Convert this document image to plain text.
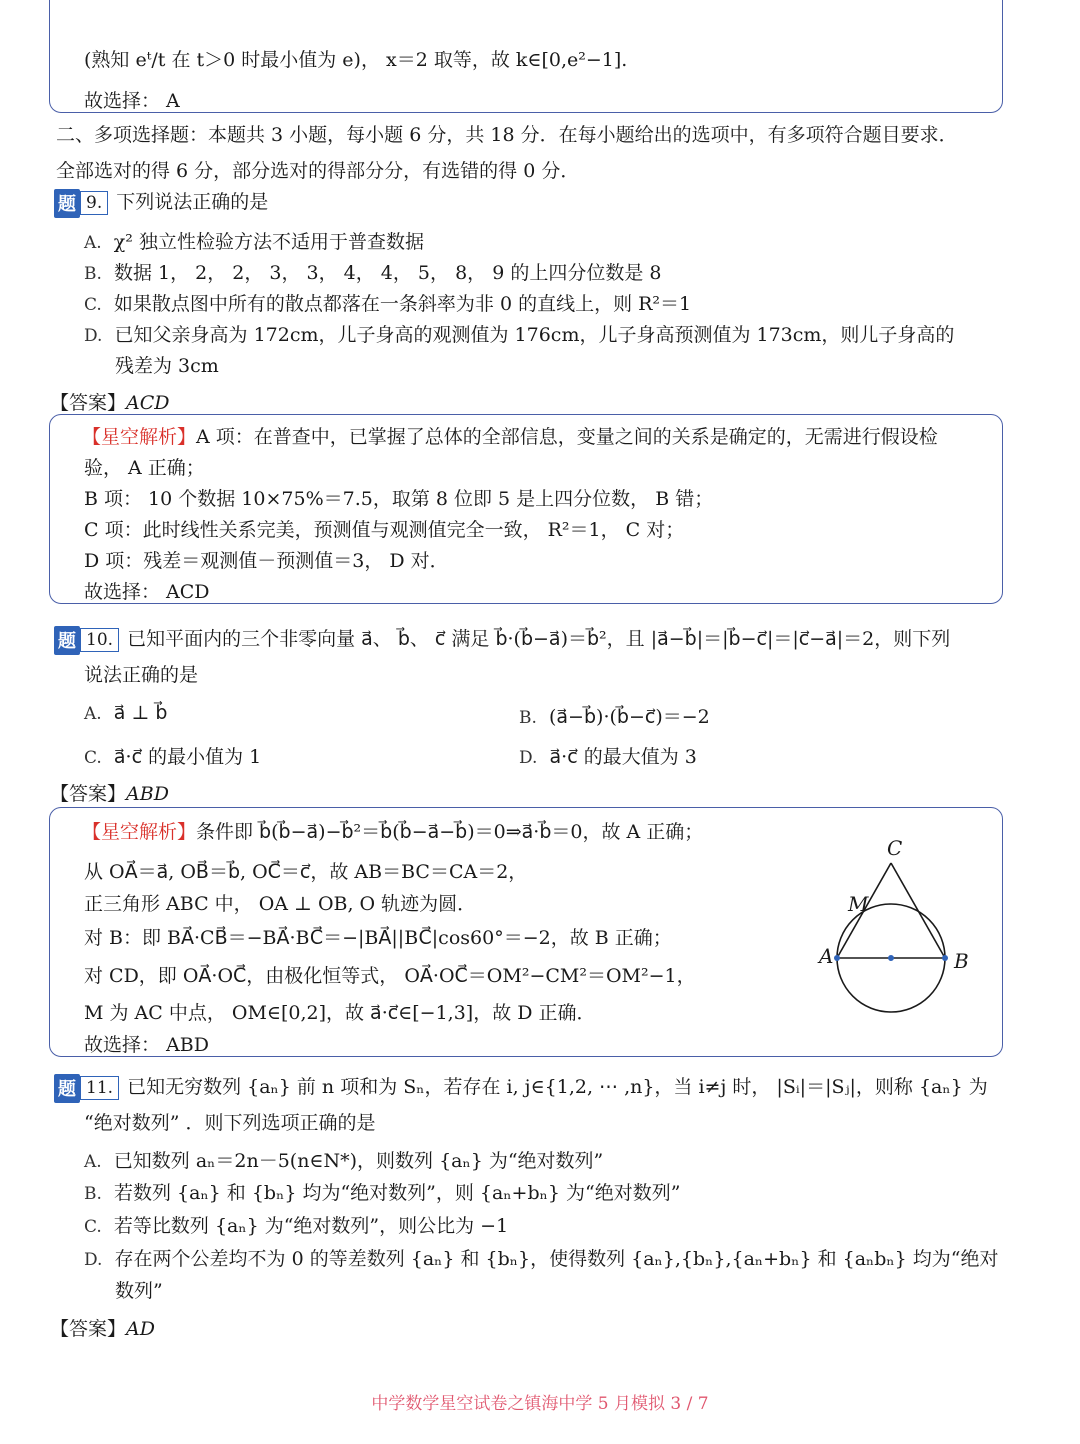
(熟知 eᵗ/t 在 t＞0 时最小值为 e)， x＝2 取等，故 k∈[0,e²−1].
故选择： A
二、多项选择题：本题共 3 小题，每小题 6 分，共 18 分．在每小题给出的选项中，有多项符合题目要求．
全部选对的得 6 分，部分选对的得部分分，有选错的得 0 分．
题 9. 下列说法正确的是
A. χ² 独立性检验方法不适用于普查数据
B. 数据 1， 2， 2， 3， 3， 4， 4， 5， 8， 9 的上四分位数是 8
C. 如果散点图中所有的散点都落在一条斜率为非 0 的直线上，则 R²＝1
D. 已知父亲身高为 172cm，儿子身高的观测值为 176cm，儿子身高预测值为 173cm，则儿子身高的
残差为 3cm
【答案】ACD
【星空解析】A 项：在普查中，已掌握了总体的全部信息，变量之间的关系是确定的，无需进行假设检
验， A 正确；
B 项： 10 个数据 10×75%＝7.5，取第 8 位即 5 是上四分位数， B 错；
C 项：此时线性关系完美，预测值与观测值完全一致， R²＝1， C 对；
D 项：残差＝观测值－预测值＝3， D 对．
故选择： ACD
题 10. 已知平面内的三个非零向量 a⃗、 b⃗、 c⃗ 满足 b⃗·(b⃗−a⃗)＝b⃗²，且 |a⃗−b⃗|＝|b⃗−c⃗|＝|c⃗−a⃗|＝2，则下列
说法正确的是
A. a⃗ ⊥ b⃗	B. (a⃗−b⃗)·(b⃗−c⃗)＝−2
C. a⃗·c⃗ 的最小值为 1	D. a⃗·c⃗ 的最大值为 3
【答案】ABD
【星空解析】条件即 b⃗(b⃗−a⃗)−b⃗²＝b⃗(b⃗−a⃗−b⃗)＝0⇒a⃗·b⃗＝0，故 A 正确；
从 OA⃗＝a⃗, OB⃗＝b⃗, OC⃗＝c⃗，故 AB＝BC＝CA＝2，
正三角形 ABC 中， OA ⊥ OB, O 轨迹为圆．
对 B：即 BA⃗·CB⃗＝−BA⃗·BC⃗＝−|BA⃗||BC⃗|cos60°＝−2，故 B 正确；
对 CD，即 OA⃗·OC⃗，由极化恒等式， OA⃗·OC⃗＝OM²−CM²＝OM²−1，
M 为 AC 中点， OM∈[0,2]，故 a⃗·c⃗∈[−1,3]，故 D 正确．
故选择： ABD
C
M
A	B
题 11. 已知无穷数列 {aₙ} 前 n 项和为 Sₙ，若存在 i, j∈{1,2, ⋯ ,n}，当 i≠j 时， |Sᵢ|＝|Sⱼ|，则称 {aₙ} 为
“绝对数列” ．则下列选项正确的是
A. 已知数列 aₙ＝2n－5(n∈N*)，则数列 {aₙ} 为“绝对数列”
B. 若数列 {aₙ} 和 {bₙ} 均为“绝对数列”，则 {aₙ+bₙ} 为“绝对数列”
C. 若等比数列 {aₙ} 为“绝对数列”，则公比为 −1
D. 存在两个公差均不为 0 的等差数列 {aₙ} 和 {bₙ}，使得数列 {aₙ},{bₙ},{aₙ+bₙ} 和 {aₙbₙ} 均为“绝对
数列”
【答案】AD
中学数学星空试卷之镇海中学 5 月模拟 3 / 7
